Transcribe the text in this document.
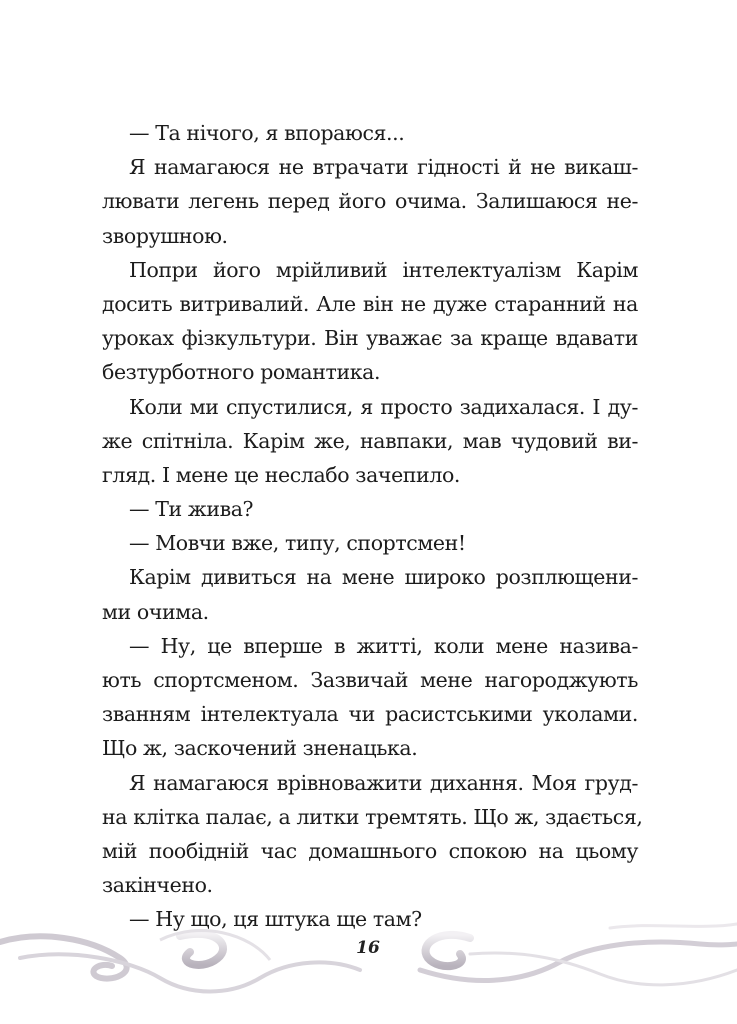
— Та нічого, я впораюся...
Я намагаюся не втрачати гідності й не викаш-
лювати легень перед його очима. Залишаюся не-
зворушною.
Попри його мрійливий інтелектуалізм Карім
досить витривалий. Але він не дуже старанний на
уроках фізкультури. Він уважає за краще вдавати
безтурботного романтика.
Коли ми спустилися, я просто задихалася. І ду-
же спітніла. Карім же, навпаки, мав чудовий ви-
гляд. І мене це неслабо зачепило.
— Ти жива?
— Мовчи вже, типу, спортсмен!
Карім дивиться на мене широко розплющени-
ми очима.
— Ну, це вперше в житті, коли мене назива-
ють спортсменом. Зазвичай мене нагороджують
званням інтелектуала чи расистськими уколами.
Що ж, заскочений зненацька.
Я намагаюся врівноважити дихання. Моя груд-
на клітка палає, а литки тремтять. Що ж, здається,
мій пообідній час домашнього спокою на цьому
закінчено.
— Ну що, ця штука ще там?
16
